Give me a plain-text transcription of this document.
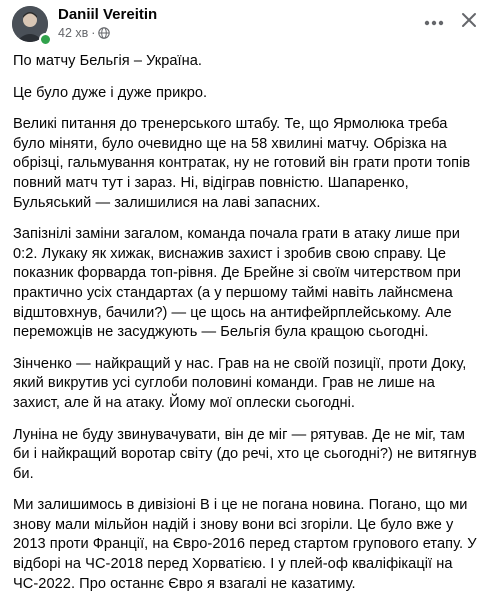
Daniil Vereitin
42 хв ·

По матчу Бельгія – Україна.

Це було дуже і дуже прикро.

Великі питання до тренерського штабу. Те, що Ярмолюка треба
було міняти, було очевидно ще на 58 хвилині матчу. Обрізка на
обрізці, гальмування контратак, ну не готовий він грати проти топів
повний матч тут і зараз. Ні, відіграв повністю. Шапаренко,
Бульяський — залишилися на лаві запасних.

Запізнілі заміни загалом, команда почала грати в атаку лише при
0:2. Лукаку як хижак, виснажив захист і зробив свою справу. Це
показник форварда топ-рівня. Де Брейне зі своїм читерством при
практично усіх стандартах (а у першому таймі навіть лайнсмена
відштовхнув, бачили?) — це щось на антифейрплейському. Але
переможців не засуджують — Бельгія була кращою сьогодні.

Зінченко — найкращий у нас. Грав на не своїй позиції, проти Доку,
який викрутив усі суглоби половині команди. Грав не лише на
захист, але й на атаку. Йому мої оплески сьогодні.

Луніна не буду звинувачувати, він де міг — рятував. Де не міг, там
би і найкращий воротар світу (до речі, хто це сьогодні?) не витягнув
би.

Ми залишимось в дивізіоні B і це не погана новина. Погано, що ми
знову мали мільйон надій і знову вони всі згоріли. Це було вже у
2013 проти Франції, на Євро-2016 перед стартом групового етапу. У
відборі на ЧС-2018 перед Хорватією. І у плей-оф кваліфікації на
ЧС-2022. Про останнє Євро я взагалі не казатиму.
